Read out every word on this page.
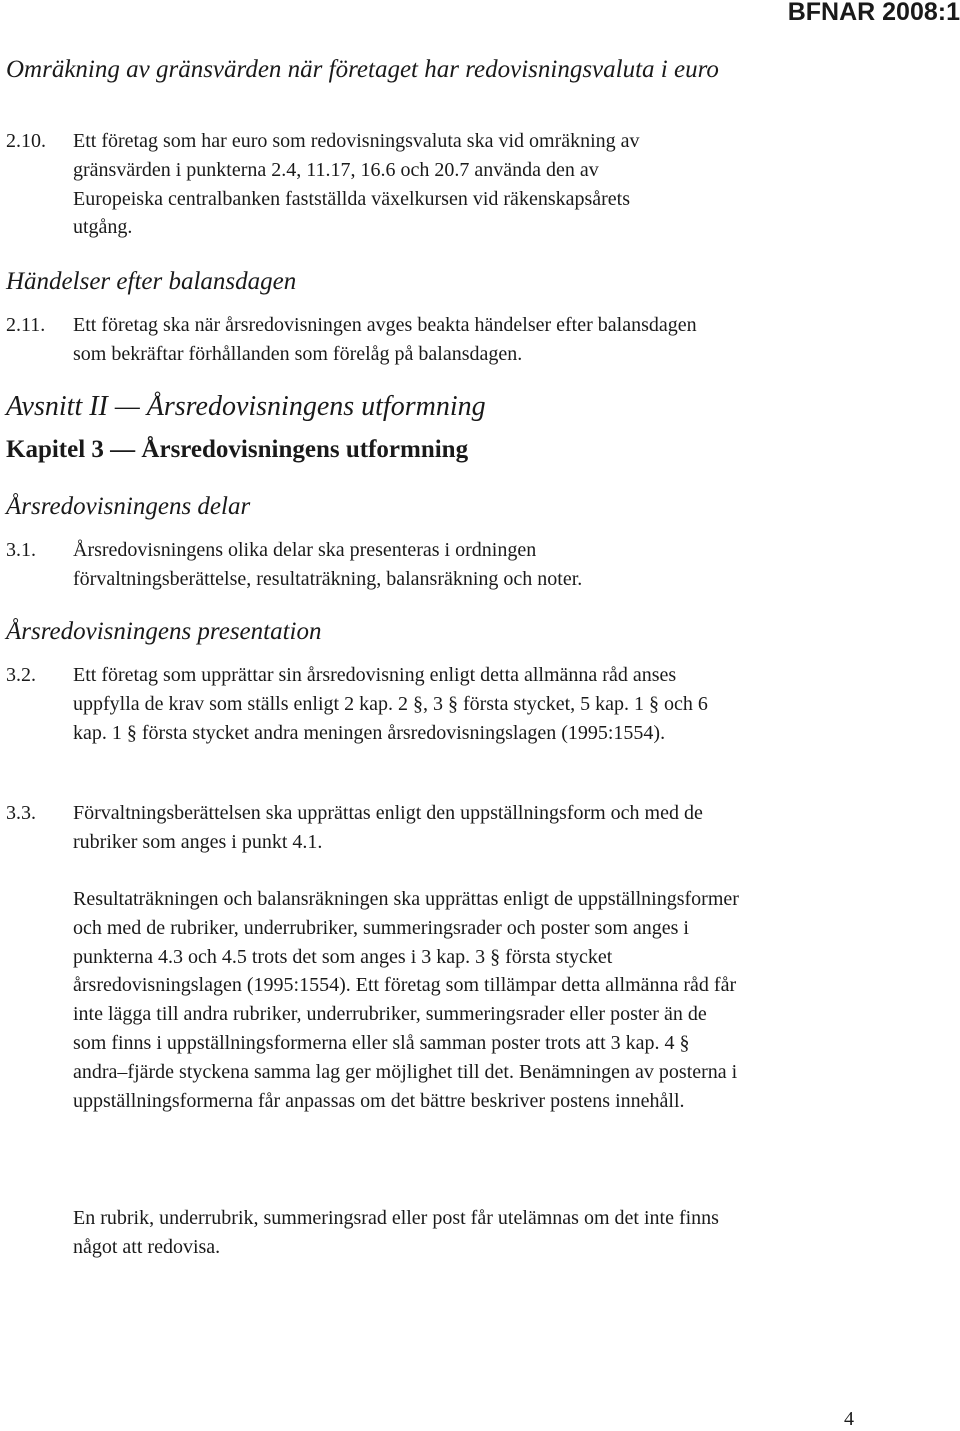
BFNAR 2008:1
Omräkning av gränsvärden när företaget har redovisningsvaluta i euro
2.10. Ett företag som har euro som redovisningsvaluta ska vid omräkning av gränsvärden i punkterna 2.4, 11.17, 16.6 och 20.7 använda den av Europeiska centralbanken fastställda växelkursen vid räkenskapsårets utgång.
Händelser efter balansdagen
2.11. Ett företag ska när årsredovisningen avges beakta händelser efter balansdagen som bekräftar förhållanden som förelåg på balansdagen.
Avsnitt II — Årsredovisningens utformning
Kapitel 3 — Årsredovisningens utformning
Årsredovisningens delar
3.1. Årsredovisningens olika delar ska presenteras i ordningen förvaltningsberättelse, resultaträkning, balansräkning och noter.
Årsredovisningens presentation
3.2. Ett företag som upprättar sin årsredovisning enligt detta allmänna råd anses uppfylla de krav som ställs enligt 2 kap. 2 §, 3 § första stycket, 5 kap. 1 § och 6 kap. 1 § första stycket andra meningen årsredovisningslagen (1995:1554).
3.3. Förvaltningsberättelsen ska upprättas enligt den uppställningsform och med de rubriker som anges i punkt 4.1.
Resultaträkningen och balansräkningen ska upprättas enligt de uppställningsformer och med de rubriker, underrubriker, summeringsrader och poster som anges i punkterna 4.3 och 4.5 trots det som anges i 3 kap. 3 § första stycket årsredovisningslagen (1995:1554). Ett företag som tillämpar detta allmänna råd får inte lägga till andra rubriker, underrubriker, summeringsrader eller poster än de som finns i uppställningsformerna eller slå samman poster trots att 3 kap. 4 § andra–fjärde styckena samma lag ger möjlighet till det. Benämningen av posterna i uppställningsformerna får anpassas om det bättre beskriver postens innehåll.
En rubrik, underrubrik, summeringsrad eller post får utelämnas om det inte finns något att redovisa.
4
